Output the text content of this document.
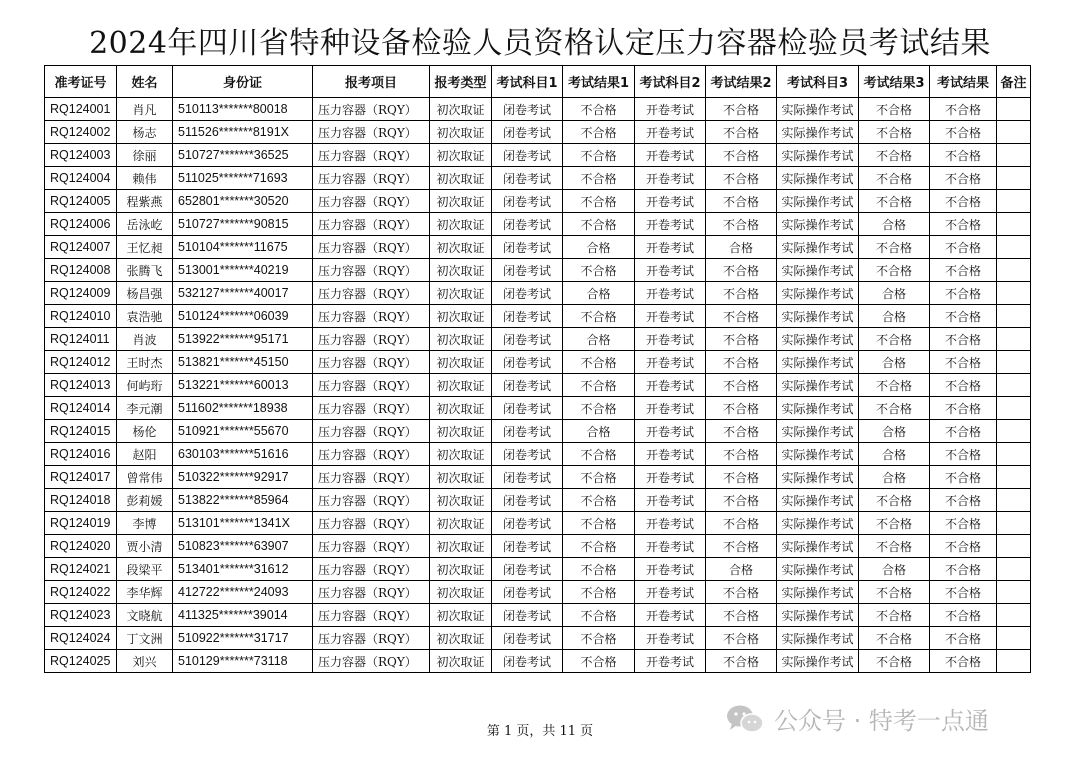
2024年四川省特种设备检验人员资格认定压力容器检验员考试结果
准考证号	姓名	身份证	报考项目	报考类型	考试科目1	考试结果1	考试科目2	考试结果2	考试科目3	考试结果3	考试结果	备注
RQ124001	肖凡	510113*******80018	压力容器（RQY）	初次取证	闭卷考试	不合格	开卷考试	不合格	实际操作考试	不合格	不合格	
RQ124002	杨志	511526*******8191X	压力容器（RQY）	初次取证	闭卷考试	不合格	开卷考试	不合格	实际操作考试	不合格	不合格	
RQ124003	徐丽	510727*******36525	压力容器（RQY）	初次取证	闭卷考试	不合格	开卷考试	不合格	实际操作考试	不合格	不合格	
RQ124004	赖伟	511025*******71693	压力容器（RQY）	初次取证	闭卷考试	不合格	开卷考试	不合格	实际操作考试	不合格	不合格	
RQ124005	程紫燕	652801*******30520	压力容器（RQY）	初次取证	闭卷考试	不合格	开卷考试	不合格	实际操作考试	不合格	不合格	
RQ124006	岳泳屹	510727*******90815	压力容器（RQY）	初次取证	闭卷考试	不合格	开卷考试	不合格	实际操作考试	合格	不合格	
RQ124007	王忆昶	510104*******11675	压力容器（RQY）	初次取证	闭卷考试	合格	开卷考试	合格	实际操作考试	不合格	不合格	
RQ124008	张腾飞	513001*******40219	压力容器（RQY）	初次取证	闭卷考试	不合格	开卷考试	不合格	实际操作考试	不合格	不合格	
RQ124009	杨昌强	532127*******40017	压力容器（RQY）	初次取证	闭卷考试	合格	开卷考试	不合格	实际操作考试	合格	不合格	
RQ124010	袁浩驰	510124*******06039	压力容器（RQY）	初次取证	闭卷考试	不合格	开卷考试	不合格	实际操作考试	合格	不合格	
RQ124011	肖波	513922*******95171	压力容器（RQY）	初次取证	闭卷考试	合格	开卷考试	不合格	实际操作考试	不合格	不合格	
RQ124012	王时杰	513821*******45150	压力容器（RQY）	初次取证	闭卷考试	不合格	开卷考试	不合格	实际操作考试	合格	不合格	
RQ124013	何屿珩	513221*******60013	压力容器（RQY）	初次取证	闭卷考试	不合格	开卷考试	不合格	实际操作考试	不合格	不合格	
RQ124014	李元潮	511602*******18938	压力容器（RQY）	初次取证	闭卷考试	不合格	开卷考试	不合格	实际操作考试	不合格	不合格	
RQ124015	杨伦	510921*******55670	压力容器（RQY）	初次取证	闭卷考试	合格	开卷考试	不合格	实际操作考试	合格	不合格	
RQ124016	赵阳	630103*******51616	压力容器（RQY）	初次取证	闭卷考试	不合格	开卷考试	不合格	实际操作考试	合格	不合格	
RQ124017	曾常伟	510322*******92917	压力容器（RQY）	初次取证	闭卷考试	不合格	开卷考试	不合格	实际操作考试	合格	不合格	
RQ124018	彭莉媛	513822*******85964	压力容器（RQY）	初次取证	闭卷考试	不合格	开卷考试	不合格	实际操作考试	不合格	不合格	
RQ124019	李博	513101*******1341X	压力容器（RQY）	初次取证	闭卷考试	不合格	开卷考试	不合格	实际操作考试	不合格	不合格	
RQ124020	贾小清	510823*******63907	压力容器（RQY）	初次取证	闭卷考试	不合格	开卷考试	不合格	实际操作考试	不合格	不合格	
RQ124021	段梁平	513401*******31612	压力容器（RQY）	初次取证	闭卷考试	不合格	开卷考试	合格	实际操作考试	合格	不合格	
RQ124022	李华辉	412722*******24093	压力容器（RQY）	初次取证	闭卷考试	不合格	开卷考试	不合格	实际操作考试	不合格	不合格	
RQ124023	文晓航	411325*******39014	压力容器（RQY）	初次取证	闭卷考试	不合格	开卷考试	不合格	实际操作考试	不合格	不合格	
RQ124024	丁文洲	510922*******31717	压力容器（RQY）	初次取证	闭卷考试	不合格	开卷考试	不合格	实际操作考试	不合格	不合格	
RQ124025	刘兴	510129*******73118	压力容器（RQY）	初次取证	闭卷考试	不合格	开卷考试	不合格	实际操作考试	不合格	不合格	
第 1 页，共 11 页	公众号 · 特考一点通
